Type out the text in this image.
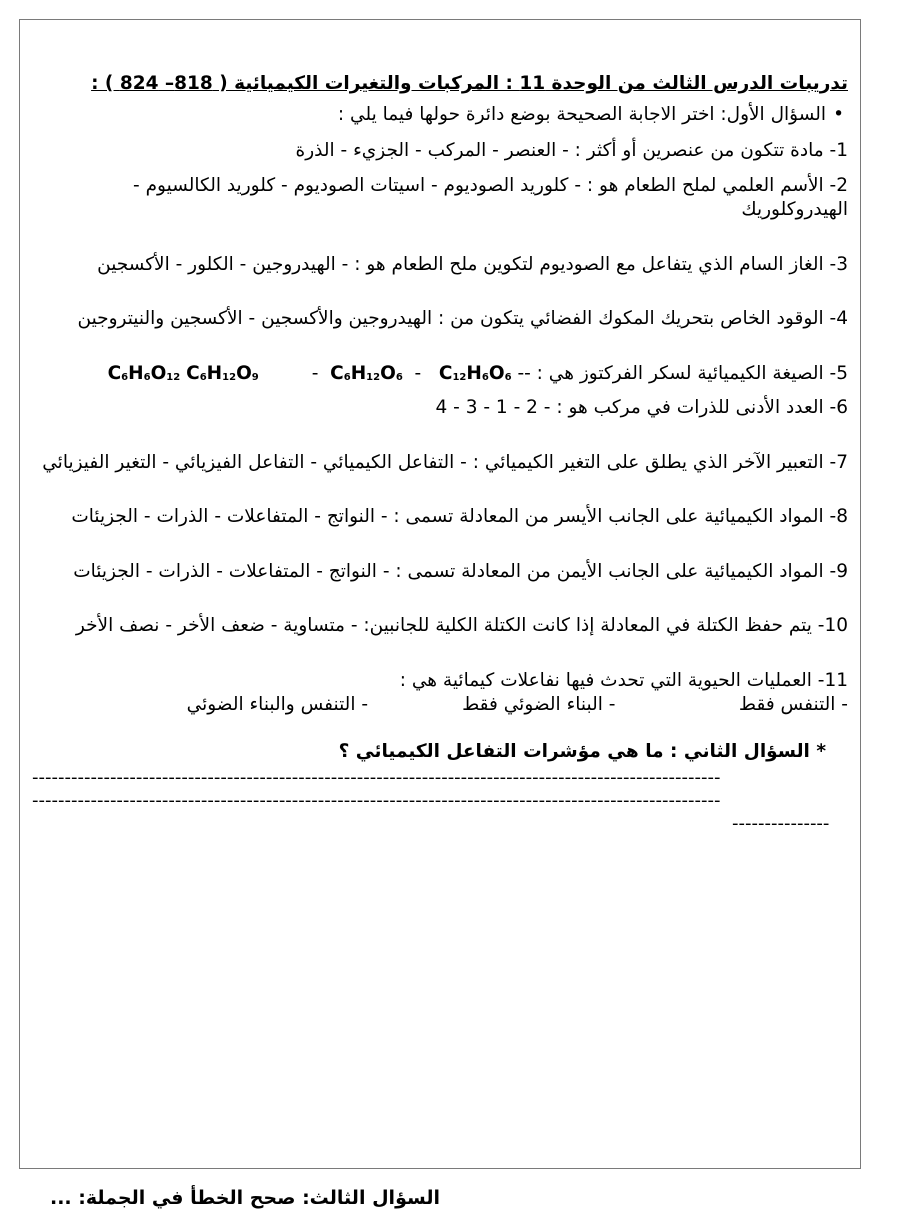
تدريبات الدرس الثالث من الوحدة 11 : المركبات والتغيرات الكيميائية ( 818– 824 ) :
•
السؤال الأول: اختر الاجابة الصحيحة بوضع دائرة حولها فيما يلي :
1- مادة تتكون من عنصرين أو أكثر : - العنصر - المركب - الجزيء - الذرة
2- الأسم العلمي لملح الطعام هو : - كلوريد الصوديوم - اسيتات الصوديوم - كلوريد الكالسيوم - الهيدروكلوريك
3- الغاز السام الذي يتفاعل مع الصوديوم لتكوين ملح الطعام هو : - الهيدروجين - الكلور - الأكسجين
4- الوقود الخاص بتحريك المكوك الفضائي يتكون من : الهيدروجين والأكسجين - الأكسجين والنيتروجين
5- الصيغة الكيميائية لسكر الفركتوز هي : -- $C_{12}H_6O_6 - C_6H_{12}O_6$  -         $C_6H_{12}O_9$ $C_6H_6O_{12}$
6- العدد الأدنى للذرات في مركب هو : - 2 - 1 - 3 - 4
7- التعبير الآخر الذي يطلق على التغير الكيميائي : - التفاعل الكيميائي - التفاعل الفيزيائي - التغير الفيزيائي
8- المواد الكيميائية على الجانب الأيسر من المعادلة تسمى : - النواتج - المتفاعلات - الذرات - الجزيئات
9- المواد الكيميائية على الجانب الأيمن من المعادلة تسمى : - النواتج - المتفاعلات - الذرات - الجزيئات
10- يتم حفظ الكتلة في المعادلة إذا كانت الكتلة الكلية للجانبين: - متساوية - ضعف الأخر - نصف الأخر
11- العمليات الحيوية التي تحدث فيها نفاعلات كيمائية هي :
- التنفس فقط                     - البناء الضوئي فقط                - التنفس والبناء الضوئي
* السؤال الثاني : ما هي مؤشرات التفاعل الكيميائي ؟
----------------------------------------------------------------------------------------------------------
----------------------------------------------------------------------------------------------------------
---------------
السؤال الثالث: صحح الخطأ في الجملة: ...
